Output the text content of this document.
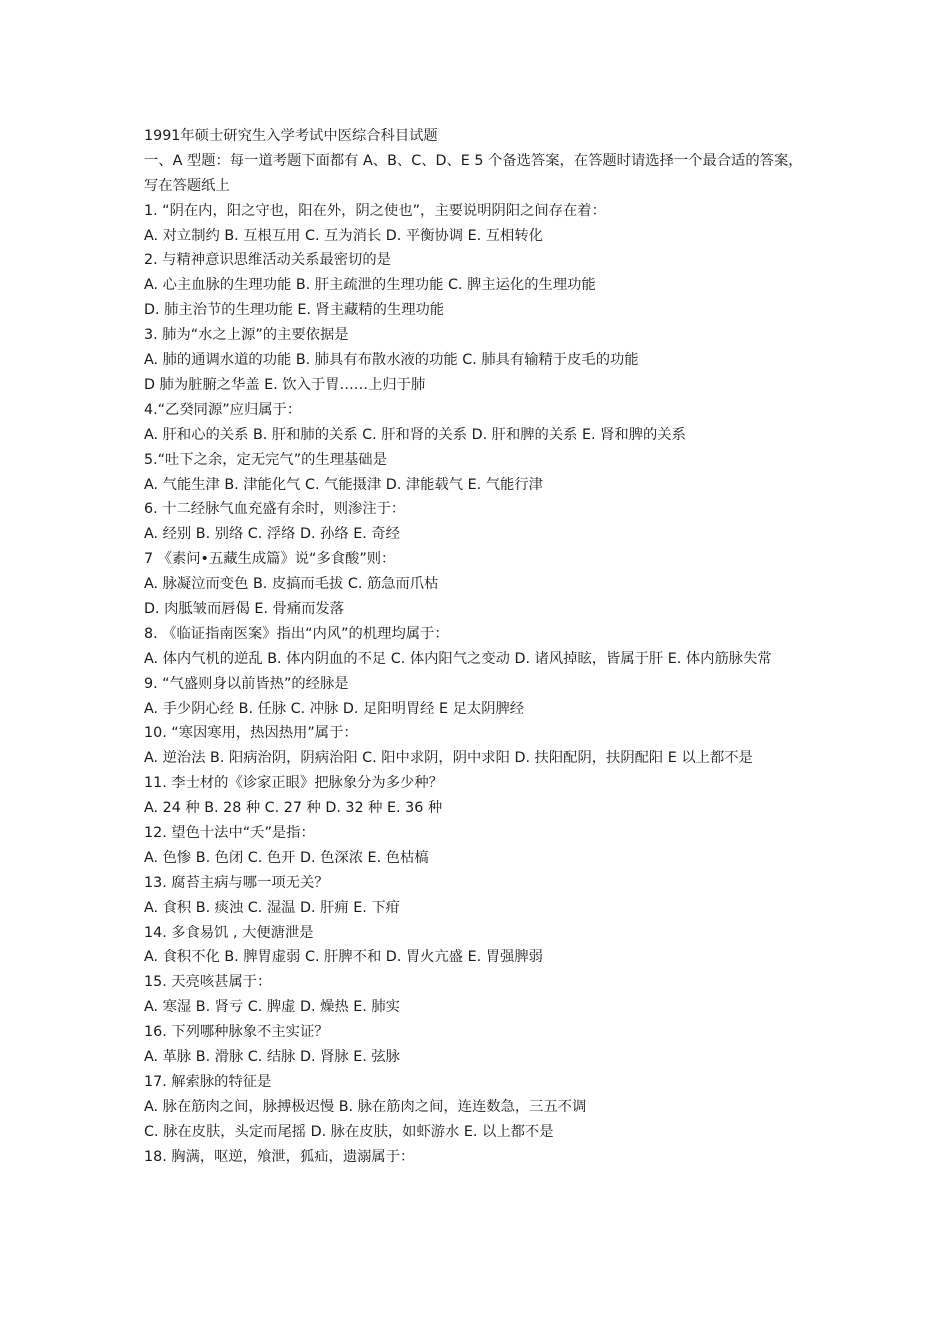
1991年硕士研究生入学考试中医综合科目试题
一、A 型题：每一道考题下面都有 A、B、C、D、E 5 个备选答案，在答题时请选择一个最合适的答案，写在答题纸上
1. “阴在内，阳之守也，阳在外，阴之使也”，主要说明阴阳之间存在着：
A. 对立制约 B. 互根互用 C. 互为消长 D. 平衡协调 E. 互相转化
2. 与精神意识思维活动关系最密切的是
A. 心主血脉的生理功能 B. 肝主疏泄的生理功能 C. 脾主运化的生理功能
D. 肺主治节的生理功能 E. 肾主藏精的生理功能
3. 肺为“水之上源”的主要依据是
A. 肺的通调水道的功能 B. 肺具有布散水液的功能 C. 肺具有输精于皮毛的功能
D 肺为脏腑之华盖 E. 饮入于胃……上归于肺
4.“乙癸同源”应归属于：
A. 肝和心的关系 B. 肝和肺的关系 C. 肝和肾的关系 D. 肝和脾的关系 E. 肾和脾的关系
5.“吐下之余，定无完气”的生理基础是
A. 气能生津 B. 津能化气 C. 气能摄津 D. 津能载气 E. 气能行津
6. 十二经脉气血充盛有余时，则渗注于：
A. 经别 B. 别络 C. 浮络 D. 孙络 E. 奇经
7 《素问•五藏生成篇》说“多食酸”则：
A. 脉凝泣而变色 B. 皮搞而毛拔 C. 筋急而爪枯
D. 肉胝皱而唇偈 E. 骨痛而发落
8. 《临证指南医案》指出“内风”的机理均属于：
A. 体内气机的逆乱 B. 体内阴血的不足 C. 体内阳气之变动 D. 诸风掉眩，皆属于肝 E. 体内筋脉失常
9. “气盛则身以前皆热”的经脉是
A. 手少阴心经 B. 任脉 C. 冲脉 D. 足阳明胃经 E 足太阴脾经
10. “寒因寒用，热因热用”属于：
A. 逆治法 B. 阳病治阴，阴病治阳 C. 阳中求阴，阴中求阳 D. 扶阳配阴，扶阴配阳 E 以上都不是
11. 李士材的《诊家正眼》把脉象分为多少种？
A. 24 种 B. 28 种 C. 27 种 D. 32 种 E. 36 种
12. 望色十法中“夭”是指：
A. 色惨 B. 色闭 C. 色开 D. 色深浓 E. 色枯槁
13. 腐苔主病与哪一项无关？
A. 食积 B. 痰浊 C. 湿温 D. 肝痈 E. 下疳
14. 多食易饥 , 大便溏泄是
A. 食积不化 B. 脾胃虚弱 C. 肝脾不和 D. 胃火亢盛 E. 胃强脾弱
15. 天亮咳甚属于：
A. 寒湿 B. 肾亏 C. 脾虚 D. 燥热 E. 肺实
16. 下列哪种脉象不主实证？
A. 革脉 B. 滑脉 C. 结脉 D. 肾脉 E. 弦脉
17. 解索脉的特征是
A. 脉在筋肉之间，脉搏极迟慢 B. 脉在筋肉之间，连连数急，三五不调
C. 脉在皮肤，头定而尾摇 D. 脉在皮肤，如虾游水 E. 以上都不是
18. 胸满，呕逆，飧泄，狐疝，遗溺属于：
